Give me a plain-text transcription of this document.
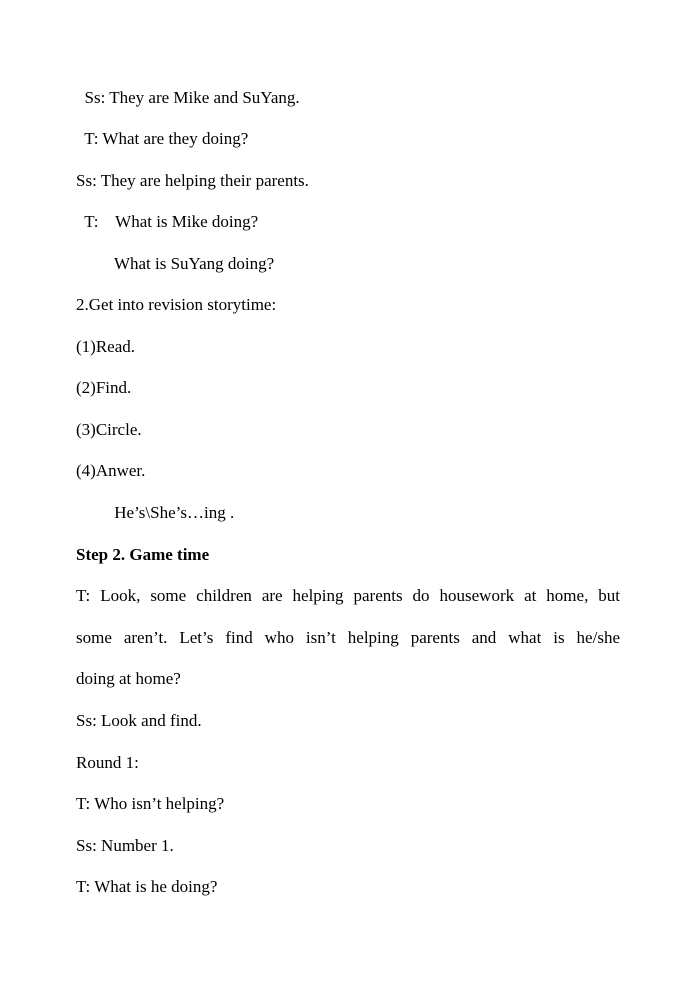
Ss: They are Mike and SuYang.
T: What are they doing?
Ss: They are helping their parents.
T:    What is Mike doing?
What is SuYang doing?
2.Get into revision storytime:
(1)Read.
(2)Find.
(3)Circle.
(4)Anwer.
He’s\She’s…ing .
Step 2. Game time
T: Look, some children are helping parents do housework at home, but
some aren’t. Let’s find who isn’t helping parents and what is he/she
doing at home?
Ss: Look and find.
Round 1:
T: Who isn’t helping?
Ss: Number 1.
T: What is he doing?
